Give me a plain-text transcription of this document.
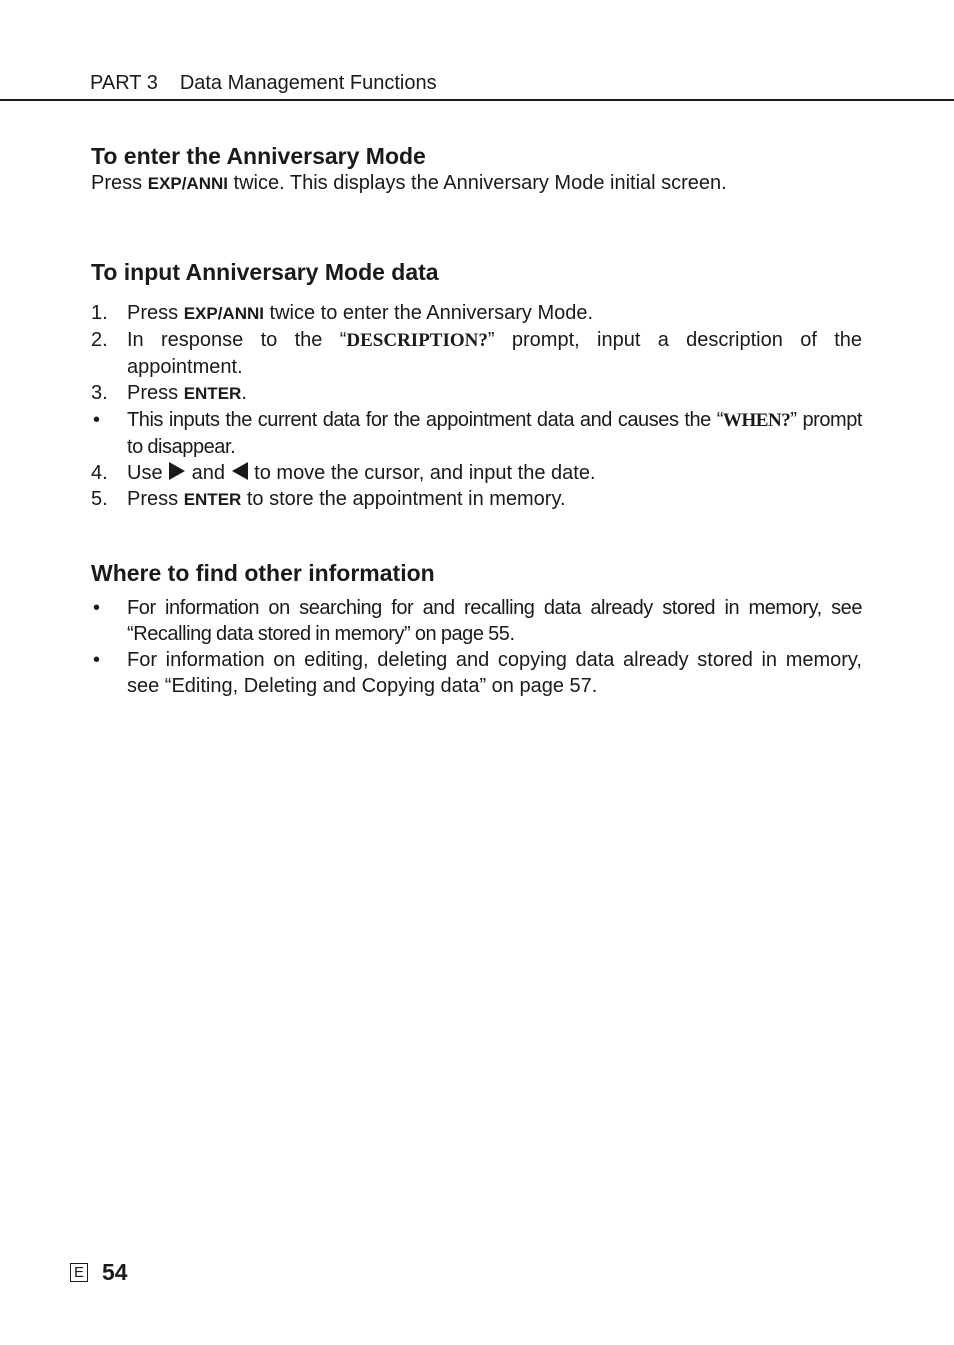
PART 3 Data Management Functions
To enter the Anniversary Mode

Press EXP/ANNI twice. This displays the Anniversary Mode initial screen.

To input Anniversary Mode data
1. Press EXP/ANNI twice to enter the Anniversary Mode.
2. In response to the “DESCRIPTION?” prompt, input a description of the appointment.
3. Press ENTER.
• This inputs the current data for the appointment data and causes the “WHEN?” prompt to disappear.
4. Use  and  to move the cursor, and input the date.
5. Press ENTER to store the appointment in memory.
Where to find other information
• For information on searching for and recalling data already stored in memory, see “Recalling data stored in memory” on page 55.
• For information on editing, deleting and copying data already stored in memory, see “Editing, Deleting and Copying data” on page 57.
E 54
